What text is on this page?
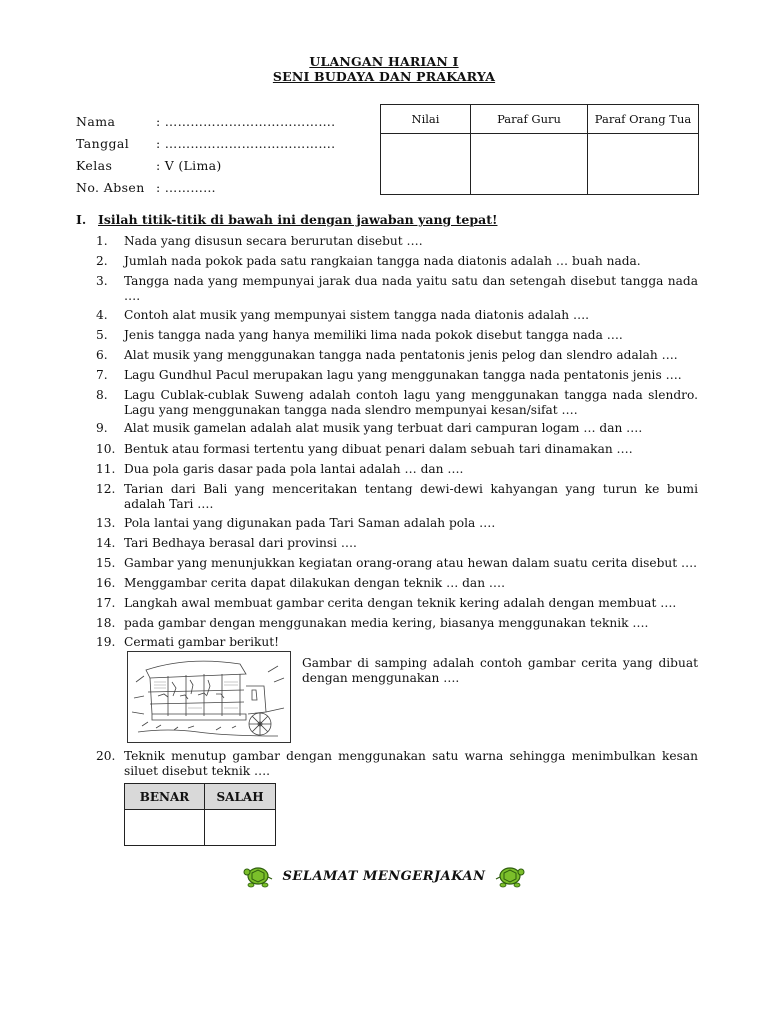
ULANGAN HARIAN I
SENI BUDAYA DAN PRAKARYA
Nama	: ………………………………….
Tanggal	: ………………………………….
Kelas	: V (Lima)
No. Absen : …………
Nilai	Paraf Guru	Paraf Orang Tua

I. Isilah titik-titik di bawah ini dengan jawaban yang tepat!
1.	Nada yang disusun secara berurutan disebut ….
2.	Jumlah nada pokok pada satu rangkaian tangga nada diatonis adalah … buah nada.
3.	Tangga nada yang mempunyai jarak dua nada yaitu satu dan setengah disebut tangga nada ….
4.	Contoh alat musik yang mempunyai sistem tangga nada diatonis adalah ….
5.	Jenis tangga nada yang hanya memiliki lima nada pokok disebut tangga nada ….
6.	Alat musik yang menggunakan tangga nada pentatonis jenis pelog dan slendro adalah ….
7.	Lagu Gundhul Pacul merupakan lagu yang menggunakan tangga nada pentatonis jenis ….
8.	Lagu Cublak-cublak Suweng adalah contoh lagu yang menggunakan tangga nada slendro. Lagu yang menggunakan tangga nada slendro mempunyai kesan/sifat ….
9.	Alat musik gamelan adalah alat musik yang terbuat dari campuran logam … dan ….
10. Bentuk atau formasi tertentu yang dibuat penari dalam sebuah tari dinamakan ….
11. Dua pola garis dasar pada pola lantai adalah … dan ….
12. Tarian dari Bali yang menceritakan tentang dewi-dewi kahyangan yang turun ke bumi adalah Tari ….
13. Pola lantai yang digunakan pada Tari Saman adalah pola ….
14. Tari Bedhaya berasal dari provinsi ….
15. Gambar yang menunjukkan kegiatan orang-orang atau hewan dalam suatu cerita disebut ….
16. Menggambar cerita dapat dilakukan dengan teknik … dan ….
17. Langkah awal membuat gambar cerita dengan teknik kering adalah dengan membuat ….
18. pada gambar dengan menggunakan media kering, biasanya menggunakan teknik ….
19. Cermati gambar berikut!
Gambar di samping adalah contoh gambar cerita yang dibuat dengan menggunakan ….
20. Teknik menutup gambar dengan menggunakan satu warna sehingga menimbulkan kesan siluet disebut teknik ….
BENAR	SALAH

SELAMAT MENGERJAKAN
